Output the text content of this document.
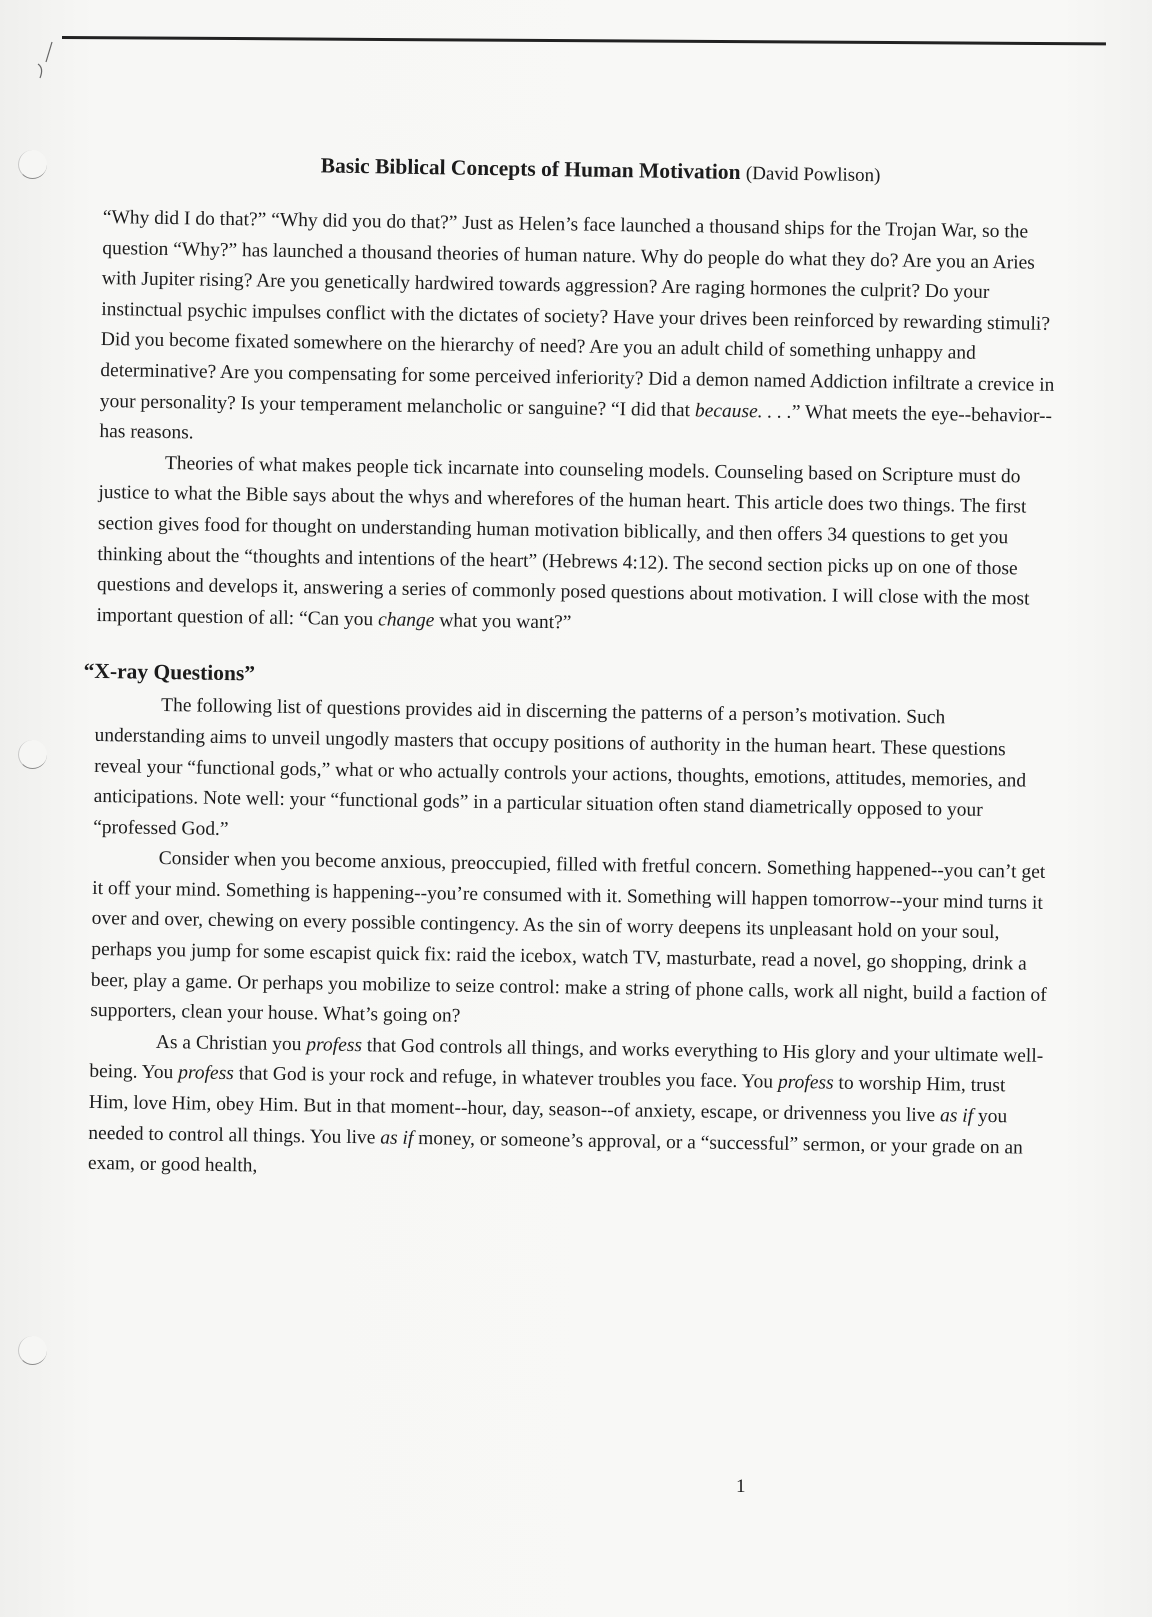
Basic Biblical Concepts of Human Motivation (David Powlison)

“Why did I do that?” “Why did you do that?” Just as Helen’s face launched a thousand ships for the Trojan War, so the question “Why?” has launched a thousand theories of human nature. Why do people do what they do? Are you an Aries with Jupiter rising? Are you genetically hardwired towards aggression? Are raging hormones the culprit? Do your instinctual psychic impulses conflict with the dictates of society? Have your drives been reinforced by rewarding stimuli? Did you become fixated somewhere on the hierarchy of need? Are you an adult child of something unhappy and determinative? Are you compensating for some perceived inferiority? Did a demon named Addiction infiltrate a crevice in your personality? Is your temperament melancholic or sanguine? “I did that because. . . .” What meets the eye--behavior--has reasons.

Theories of what makes people tick incarnate into counseling models. Counseling based on Scripture must do justice to what the Bible says about the whys and wherefores of the human heart. This article does two things. The first section gives food for thought on understanding human motivation biblically, and then offers 34 questions to get you thinking about the “thoughts and intentions of the heart” (Hebrews 4:12). The second section picks up on one of those questions and develops it, answering a series of commonly posed questions about motivation. I will close with the most important question of all: “Can you change what you want?”

“X-ray Questions”

The following list of questions provides aid in discerning the patterns of a person’s motivation. Such understanding aims to unveil ungodly masters that occupy positions of authority in the human heart. These questions reveal your “functional gods,” what or who actually controls your actions, thoughts, emotions, attitudes, memories, and anticipations. Note well: your “functional gods” in a particular situation often stand diametrically opposed to your “professed God.”

Consider when you become anxious, preoccupied, filled with fretful concern. Something happened--you can’t get it off your mind. Something is happening--you’re consumed with it. Something will happen tomorrow--your mind turns it over and over, chewing on every possible contingency. As the sin of worry deepens its unpleasant hold on your soul, perhaps you jump for some escapist quick fix: raid the icebox, watch TV, masturbate, read a novel, go shopping, drink a beer, play a game. Or perhaps you mobilize to seize control: make a string of phone calls, work all night, build a faction of supporters, clean your house. What’s going on?

As a Christian you profess that God controls all things, and works everything to His glory and your ultimate well-being. You profess that God is your rock and refuge, in whatever troubles you face. You profess to worship Him, trust Him, love Him, obey Him. But in that moment--hour, day, season--of anxiety, escape, or drivenness you live as if you needed to control all things. You live as if money, or someone’s approval, or a “successful” sermon, or your grade on an exam, or good health,

1
